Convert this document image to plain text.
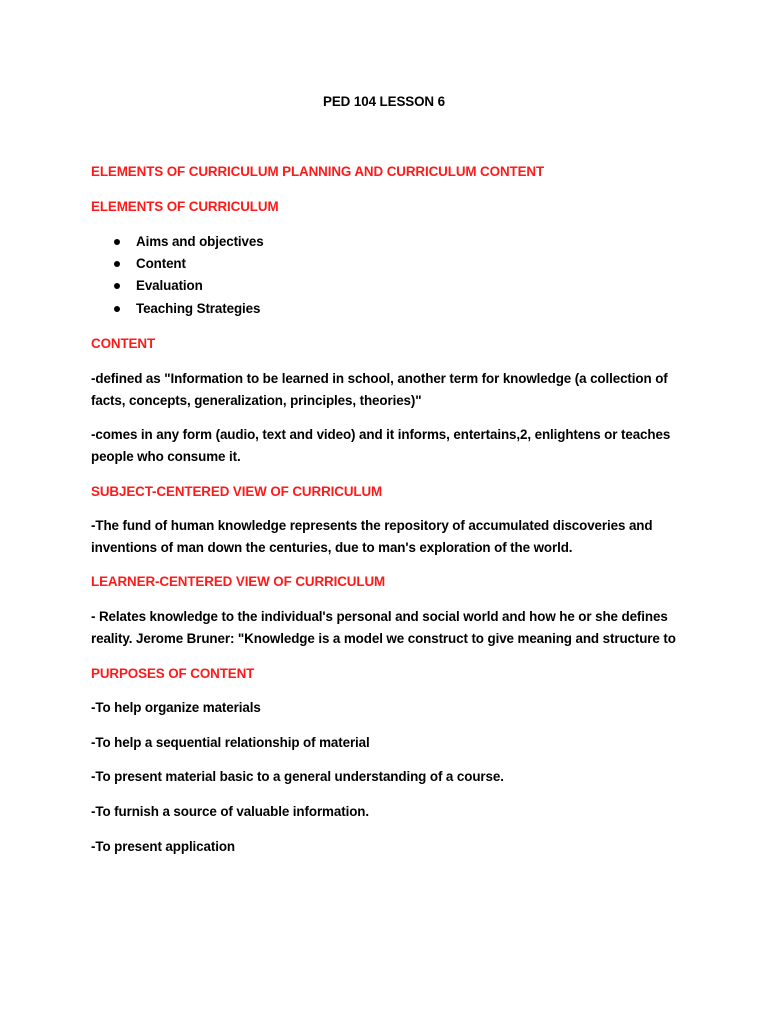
PED 104 LESSON 6
ELEMENTS OF CURRICULUM PLANNING AND CURRICULUM CONTENT
ELEMENTS OF CURRICULUM
Aims and objectives
Content
Evaluation
Teaching Strategies
CONTENT
-defined as "Information to be learned in school, another term for knowledge (a collection of
facts, concepts, generalization, principles, theories)"
-comes in any form (audio, text and video) and it informs, entertains,2, enlightens or teaches
people who consume it.
SUBJECT-CENTERED VIEW OF CURRICULUM
-The fund of human knowledge represents the repository of accumulated discoveries and
inventions of man down the centuries, due to man's exploration of the world.
LEARNER-CENTERED VIEW OF CURRICULUM
- Relates knowledge to the individual's personal and social world and how he or she defines
reality. Jerome Bruner: "Knowledge is a model we construct to give meaning and structure to
PURPOSES OF CONTENT
-To help organize materials
-To help a sequential relationship of material
-To present material basic to a general understanding of a course.
-To furnish a source of valuable information.
-To present application
